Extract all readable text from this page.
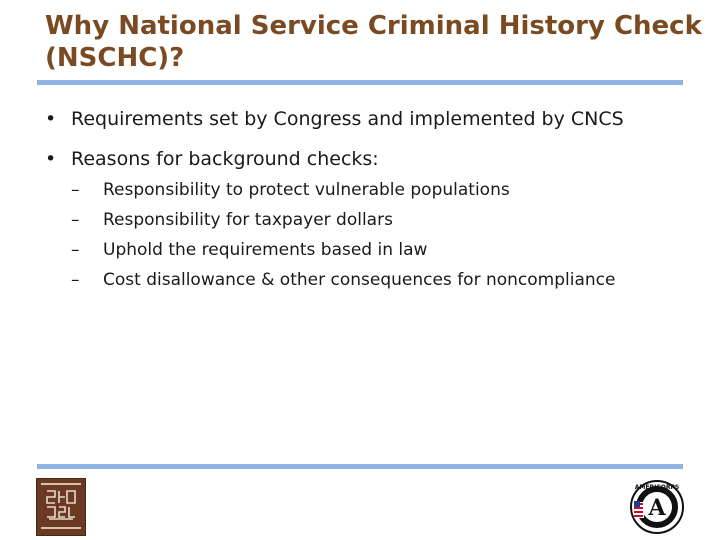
Why National Service Criminal History Check (NSCHC)?
• Requirements set by Congress and implemented by CNCS
• Reasons for background checks:
–	Responsibility to protect vulnerable populations
–	Responsibility for taxpayer dollars
–	Uphold the requirements based in law
–	Cost disallowance & other consequences for noncompliance
A
AMERICORPS
